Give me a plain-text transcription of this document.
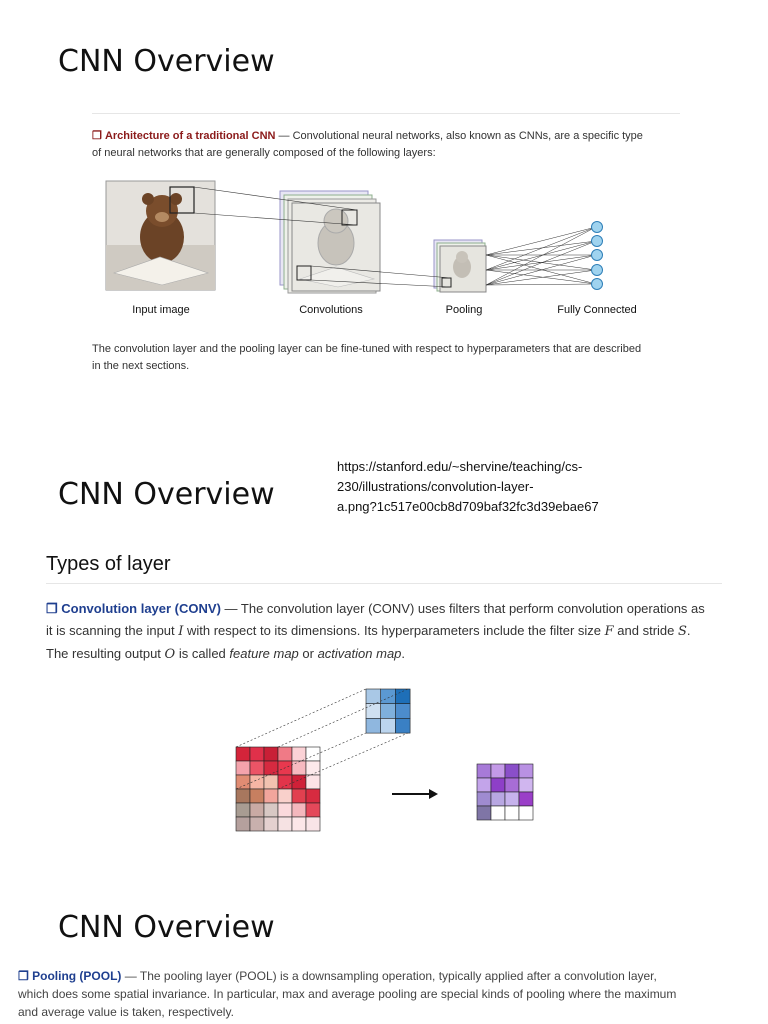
CNN Overview
❒ Architecture of a traditional CNN — Convolutional neural networks, also known as CNNs, are a specific type
of neural networks that are generally composed of the following layers:
Input image	Convolutions	Pooling	Fully Connected
The convolution layer and the pooling layer can be fine-tuned with respect to hyperparameters that are described
in the next sections.
CNN Overview
https://stanford.edu/~shervine/teaching/cs-
230/illustrations/convolution-layer-
a.png?1c517e00cb8d709baf32fc3d39ebae67
Types of layer
❒ Convolution layer (CONV) — The convolution layer (CONV) uses filters that perform convolution operations as
it is scanning the input I with respect to its dimensions. Its hyperparameters include the filter size F and stride S.
The resulting output O is called feature map or activation map.
CNN Overview
❒ Pooling (POOL) — The pooling layer (POOL) is a downsampling operation, typically applied after a convolution layer,
which does some spatial invariance. In particular, max and average pooling are special kinds of pooling where the maximum
and average value is taken, respectively.
